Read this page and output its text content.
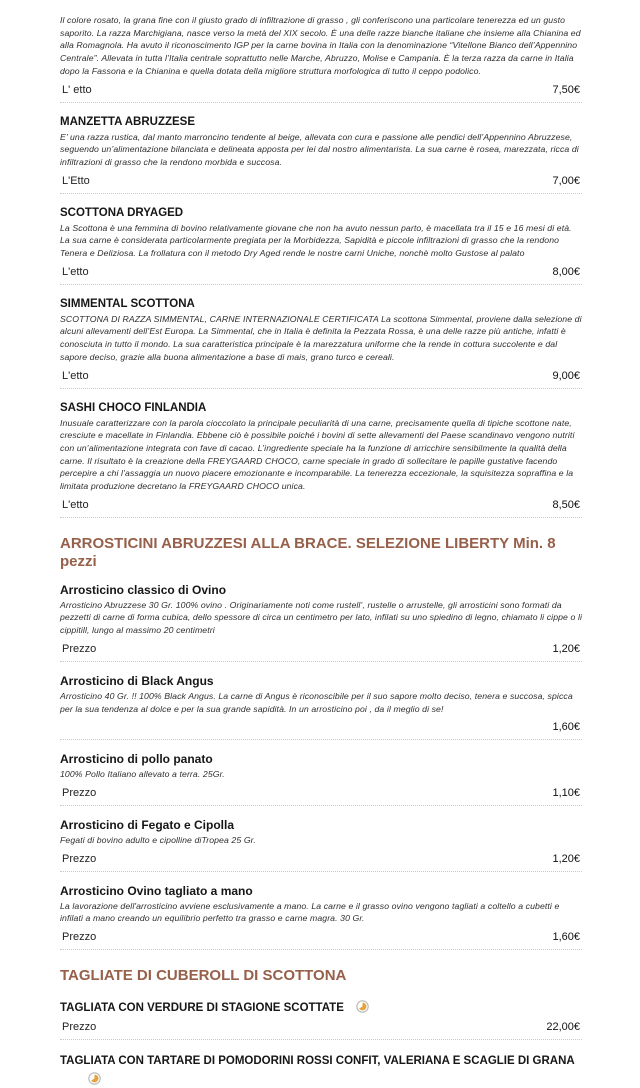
Il colore rosato, la grana fine con il giusto grado di infiltrazione di grasso , gli conferiscono una particolare tenerezza ed un gusto saporito. La razza Marchigiana, nasce verso la metà del XIX secolo. È una delle razze bianche italiane che insieme alla Chianina ed alla Romagnola. Ha avuto il riconoscimento IGP per la carne bovina in Italia con la denominazione “Vitellone Bianco dell’Appennino Centrale”. Allevata in tutta l’Italia centrale soprattutto nelle Marche, Abruzzo, Molise e Campania. È la terza razza da carne in Italia dopo la Fassona e la Chianina e quella dotata della migliore struttura morfologica di tutto il ceppo podolico.

L' etto	7,50€
MANZETTA ABRUZZESE

E’ una razza rustica, dal manto marroncino tendente al beige, allevata con cura e passione alle pendici dell’Appennino Abruzzese, seguendo un’alimentazione bilanciata e delineata apposta per lei dal nostro alimentarista. La sua carne è rosea, marezzata, ricca di infiltrazioni di grasso che la rendono morbida e succosa.

L'Etto	7,00€
SCOTTONA DRYAGED

La Scottona è una femmina di bovino relativamente giovane che non ha avuto nessun parto, è macellata tra il 15 e 16 mesi di età. La sua carne è considerata particolarmente pregiata per la Morbidezza, Sapidità e piccole infiltrazioni di grasso che la rendono Tenera e Deliziosa. La frollatura con il metodo Dry Aged rende le nostre carni Uniche, nonchè molto Gustose al palato

L'etto	8,00€
SIMMENTAL SCOTTONA

SCOTTONA DI RAZZA SIMMENTAL, CARNE INTERNAZIONALE CERTIFICATA La scottona Simmental, proviene dalla selezione di alcuni allevamenti dell’Est Europa. La Simmental, che in Italia è definita la Pezzata Rossa, è una delle razze più antiche, infatti è conosciuta in tutto il mondo. La sua caratteristica principale è la marezzatura uniforme che la rende in cottura succolente e dal sapore deciso, grazie alla buona alimentazione a base di mais, grano turco e cereali.

L'etto	9,00€
SASHI CHOCO FINLANDIA

Inusuale caratterizzare con la parola cioccolato la principale peculiarità di una carne, precisamente quella di tipiche scottone nate, cresciute e macellate in Finlandia. Ebbene ciò è possibile poiché i bovini di sette allevamenti del Paese scandinavo vengono nutriti con un’alimentazione integrata con fave di cacao. L’ingrediente speciale ha la funzione di arricchire sensibilmente la qualità della carne. Il risultato è la creazione della FREYGAARD CHOCO, carne speciale in grado di sollecitare le papille gustative facendo percepire a chi l’assaggia un nuovo piacere emozionante e incomparabile. La tenerezza eccezionale, la squisitezza sopraffina e la limitata produzione decretano la FREYGAARD CHOCO unica.

L'etto	8,50€
ARROSTICINI ABRUZZESI ALLA BRACE. SELEZIONE LIBERTY Min. 8 pezzi
Arrosticino classico di Ovino

Arrosticino Abruzzese 30 Gr. 100% ovino . Originariamente noti come rustell’, rustelle o arrustelle, gli arrosticini sono formati da pezzetti di carne di forma cubica, dello spessore di circa un centimetro per lato, infilati su uno spiedino di legno, chiamato li cippe o li cippitill, lungo al massimo 20 centimetri

Prezzo	1,20€
Arrosticino di Black Angus

Arrosticino 40 Gr. !! 100% Black Angus. La carne di Angus è riconoscibile per il suo sapore molto deciso, tenera e succosa, spicca per la sua tendenza al dolce e per la sua grande sapidità. In un arrosticino poi , da il meglio di se!

1,60€
Arrosticino di pollo panato

100% Pollo Italiano allevato a terra. 25Gr.

Prezzo	1,10€
Arrosticino di Fegato e Cipolla

Fegati di bovino adulto e cipolline diTropea 25 Gr.

Prezzo	1,20€
Arrosticino Ovino tagliato a mano

La lavorazione dell'arrosticino avviene esclusivamente a mano. La carne e il grasso ovino vengono tagliati a coltello a cubetti e infilati a mano creando un equilibrio perfetto tra grasso e carne magra. 30 Gr.

Prezzo	1,60€
TAGLIATE DI CUBEROLL DI SCOTTONA
TAGLIATA CON VERDURE DI STAGIONE SCOTTATE
Prezzo	22,00€
TAGLIATA CON TARTARE DI POMODORINI ROSSI CONFIT, VALERIANA E SCAGLIE DI GRANA
